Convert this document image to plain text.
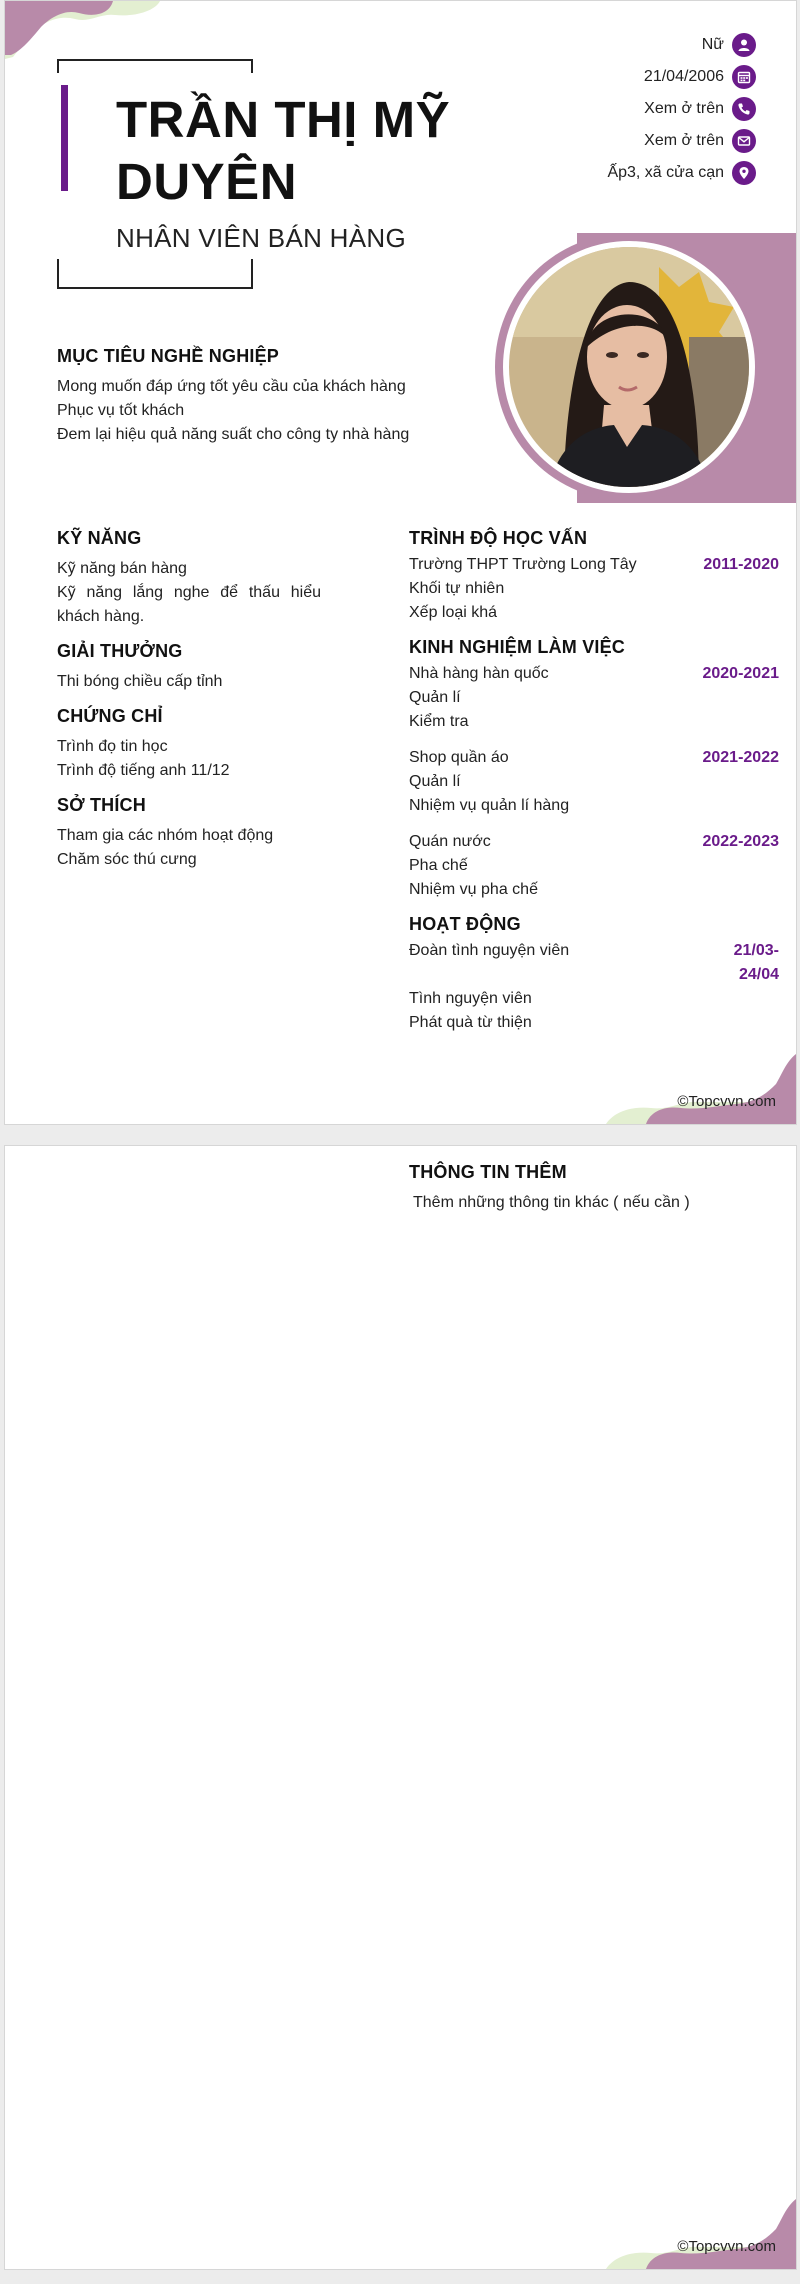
TRẦN THỊ MỸ DUYÊN
NHÂN VIÊN BÁN HÀNG
Nữ
21/04/2006
Xem ở trên
Xem ở trên
Ấp3, xã cửa cạn
MỤC TIÊU NGHỀ NGHIỆP
Mong muốn đáp ứng tốt yêu cầu của khách hàng
Phục vụ tốt khách
Đem lại hiệu quả năng suất cho công ty nhà hàng
KỸ NĂNG
Kỹ năng bán hàng
Kỹ năng lắng nghe để thấu hiểu khách hàng.
GIẢI THƯỞNG
Thi bóng chiều cấp tỉnh
CHỨNG CHỈ
Trình đọ tin học
Trình độ tiếng anh 11/12
SỞ THÍCH
Tham gia các nhóm hoạt động
Chăm sóc thú cưng
TRÌNH ĐỘ HỌC VẤN
Trường THPT Trường Long Tây	2011-2020
Khối tự nhiên
Xếp loại khá
KINH NGHIỆM LÀM VIỆC
Nhà hàng hàn quốc	2020-2021
Quản lí
Kiểm tra
Shop quần áo	2021-2022
Quản lí
Nhiệm vụ quản lí hàng
Quán nước	2022-2023
Pha chế
Nhiệm vụ pha chế
HOẠT ĐỘNG
Đoàn tình nguyện viên	21/03-
24/04
Tình nguyện viên
Phát quà từ thiện
©Topcvvn.com
THÔNG TIN THÊM
Thêm những thông tin khác ( nếu cần )
©Topcvvn.com
